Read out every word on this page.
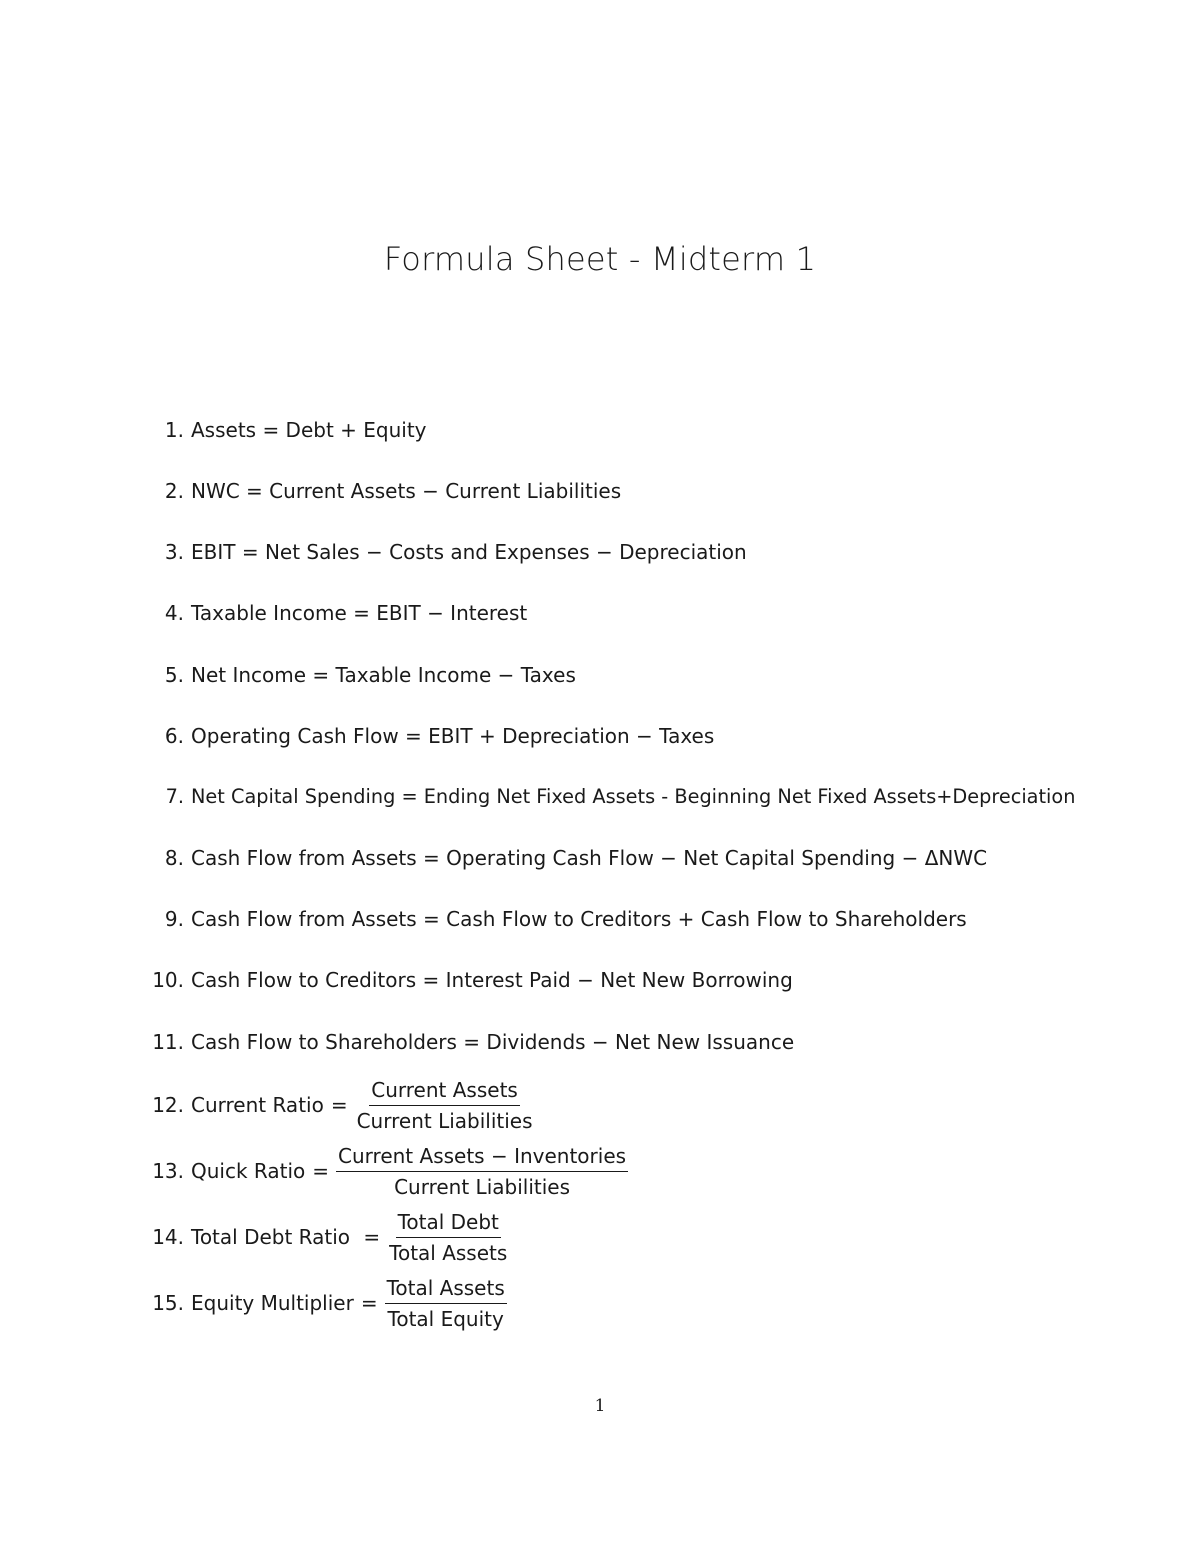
Formula Sheet - Midterm 1
1. Assets = Debt + Equity
2. NWC = Current Assets − Current Liabilities
3. EBIT = Net Sales − Costs and Expenses − Depreciation
4. Taxable Income = EBIT − Interest
5. Net Income = Taxable Income − Taxes
6. Operating Cash Flow = EBIT + Depreciation − Taxes
7. Net Capital Spending = Ending Net Fixed Assets - Beginning Net Fixed Assets+Depreciation
8. Cash Flow from Assets = Operating Cash Flow − Net Capital Spending − ΔNWC
9. Cash Flow from Assets = Cash Flow to Creditors + Cash Flow to Shareholders
10. Cash Flow to Creditors = Interest Paid − Net New Borrowing
11. Cash Flow to Shareholders = Dividends − Net New Issuance
12. Current Ratio = $\frac{\text{Current Assets}}{\text{Current Liabilities}}$
13. Quick Ratio = $\frac{\text{Current Assets − Inventories}}{\text{Current Liabilities}}$
14. Total Debt Ratio = $\frac{\text{Total Debt}}{\text{Total Assets}}$
15. Equity Multiplier = $\frac{\text{Total Assets}}{\text{Total Equity}}$
1
